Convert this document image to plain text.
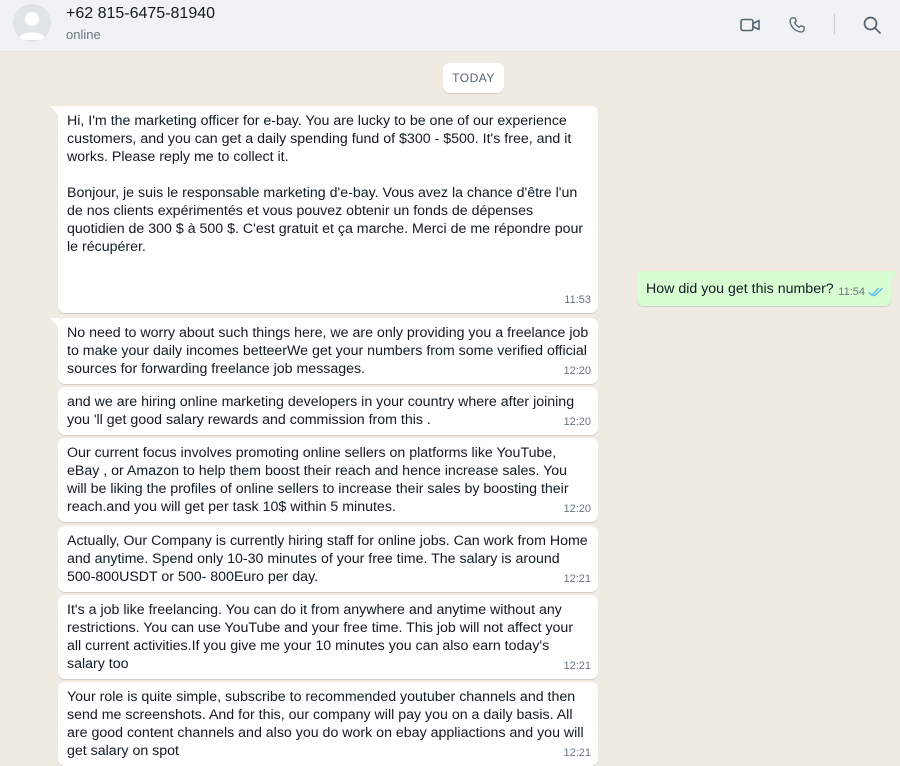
+62 815-6475-81940
online
TODAY
Hi, I'm the marketing officer for e-bay. You are lucky to be one of our experience customers, and you can get a daily spending fund of $300 - $500. It's free, and it works. Please reply me to collect it.

Bonjour, je suis le responsable marketing d'e-bay. Vous avez la chance d'être l'un de nos clients expérimentés et vous pouvez obtenir un fonds de dépenses quotidien de 300 $ à 500 $. C'est gratuit et ça marche. Merci de me répondre pour le récupérer.
11:53
How did you get this number? 11:54
No need to worry about such things here, we are only providing you a freelance job to make your daily incomes betteerWe get your numbers from some verified official sources for forwarding freelance job messages.	12:20
and we are hiring online marketing developers in your country where after joining you 'll get good salary rewards and commission from this .	12:20
Our current focus involves promoting online sellers on platforms like YouTube, eBay , or Amazon to help them boost their reach and hence increase sales. You will be liking the profiles of online sellers to increase their sales by boosting their reach.and you will get per task 10$ within 5 minutes.	12:20
Actually, Our Company is currently hiring staff for online jobs. Can work from Home and anytime. Spend only 10-30 minutes of your free time. The salary is around 500-800USDT or 500- 800Euro per day.	12:21
It's a job like freelancing. You can do it from anywhere and anytime without any restrictions. You can use YouTube and your free time. This job will not affect your all current activities.If you give me your 10 minutes you can also earn today's salary too	12:21
Your role is quite simple, subscribe to recommended youtuber channels and then send me screenshots. And for this, our company will pay you on a daily basis. All are good content channels and also you do work on ebay appliactions and you will get salary on spot	12:21
